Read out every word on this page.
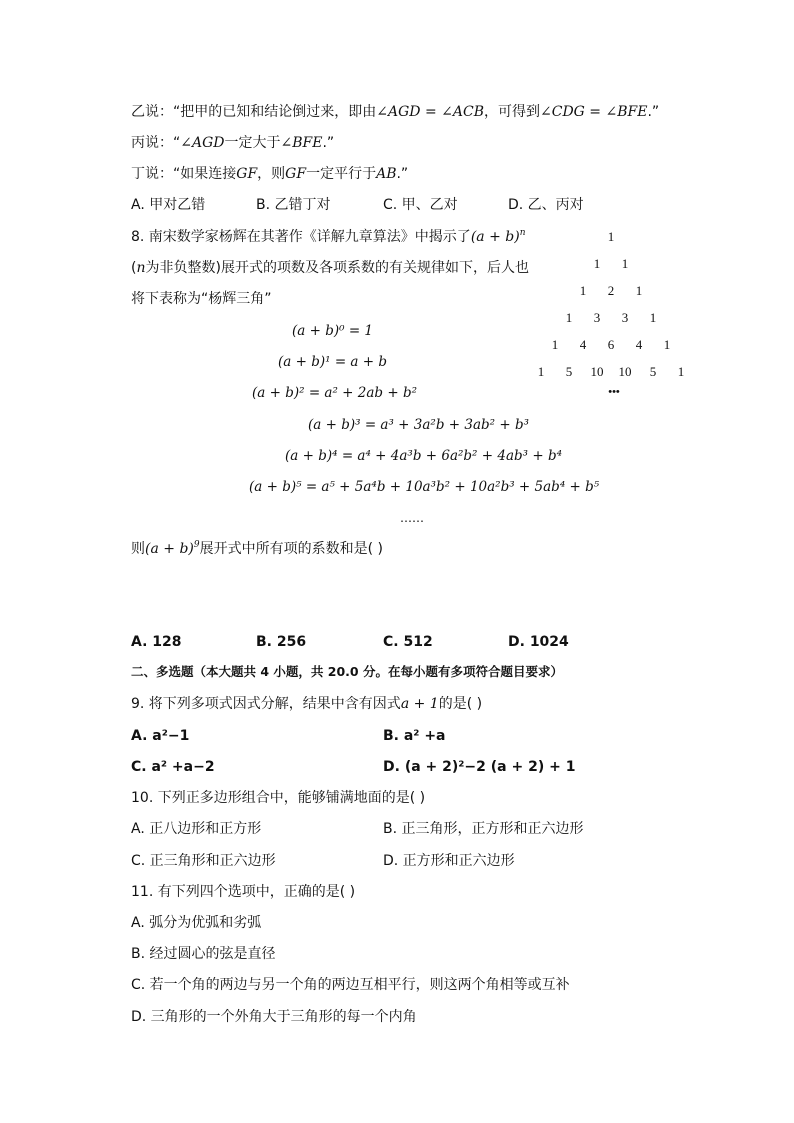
乙说：“把甲的已知和结论倒过来，即由∠AGD = ∠ACB，可得到∠CDG = ∠BFE.”
丙说：“∠AGD一定大于∠BFE.”
丁说：“如果连接GF，则GF一定平行于AB.”
A. 甲对乙错	B. 乙错丁对	C. 甲、乙对	D. 乙、丙对
8. 南宋数学家杨辉在其著作《详解九章算法》中揭示了$(a + b)^n$
(n为非负整数)展开式的项数及各项系数的有关规律如下，后人也
将下表称为“杨辉三角”
1
1	1
1	2	1
1	3	3	1
1	4	6	4	1
1	5	10 10	5	1
•••
(a + b)⁰ = 1
(a + b)¹ = a + b
(a + b)² = a² + 2ab + b²
(a + b)³ = a³ + 3a²b + 3ab² + b³
(a + b)⁴ = a⁴ + 4a³b + 6a²b² + 4ab³ + b⁴
(a + b)⁵ = a⁵ + 5a⁴b + 10a³b² + 10a²b³ + 5ab⁴ + b⁵
……
则$(a + b)^9$展开式中所有项的系数和是( )
A. 128	B. 256	C. 512	D. 1024
二、多选题（本大题共 4 小题，共 20.0 分。在每小题有多项符合题目要求）
9. 将下列多项式因式分解，结果中含有因式a + 1的是( )
A. a²−1	B. a² +a
C. a² +a−2	D. (a + 2)²−2 (a + 2) + 1
10. 下列正多边形组合中，能够铺满地面的是( )
A. 正八边形和正方形	B. 正三角形，正方形和正六边形
C. 正三角形和正六边形	D. 正方形和正六边形
11. 有下列四个选项中，正确的是( )
A. 弧分为优弧和劣弧
B. 经过圆心的弦是直径
C. 若一个角的两边与另一个角的两边互相平行，则这两个角相等或互补
D. 三角形的一个外角大于三角形的每一个内角
